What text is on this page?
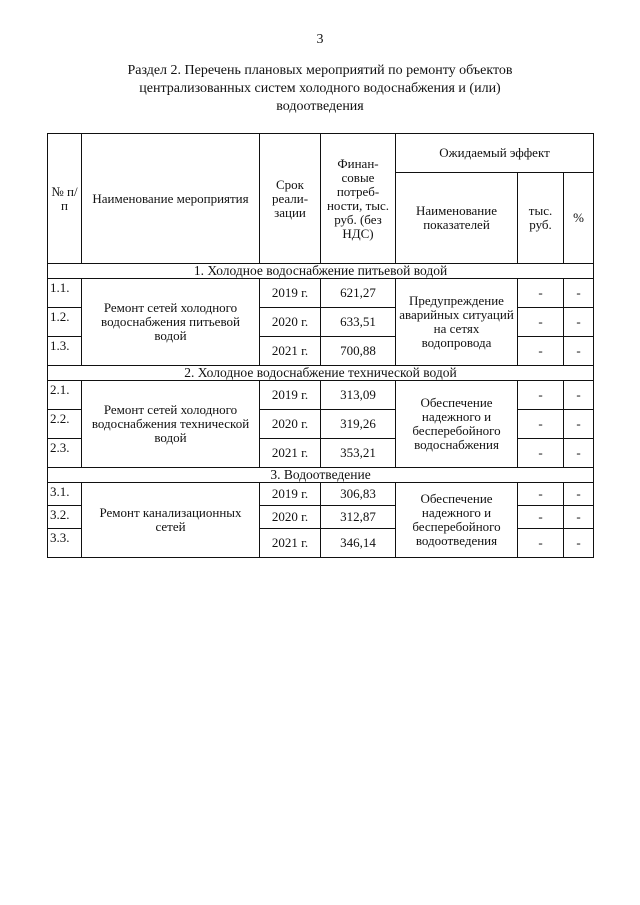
3
Раздел 2. Перечень плановых мероприятий по ремонту объектов
централизованных систем холодного водоснабжения и (или)
водоотведения
№ п/п	Наименование мероприятия	Срок реали-зации	Финан-совые потреб-ности, тыс. руб. (без НДС)	Ожидаемый эффект		
				Наименование показателей	тыс. руб.	%
1. Холодное водоснабжение питьевой водой						
1.1.	Ремонт сетей холодного водоснабжения питьевой водой	2019 г.	621,27	Предупреждение аварийных ситуаций на сетях водопровода	-	-
1.2.		2020 г.	633,51		-	-
1.3.		2021 г.	700,88		-	-
2. Холодное водоснабжение технической водой						
2.1.	Ремонт сетей холодного водоснабжения технической водой	2019 г.	313,09	Обеспечение надежного и бесперебойного водоснабжения	-	-
2.2.		2020 г.	319,26		-	-
2.3.		2021 г.	353,21		-	-
3. Водоотведение						
3.1.	Ремонт канализационных сетей	2019 г.	306,83	Обеспечение надежного и бесперебойного водоотведения	-	-
3.2.		2020 г.	312,87		-	-
3.3.		2021 г.	346,14		-	-
